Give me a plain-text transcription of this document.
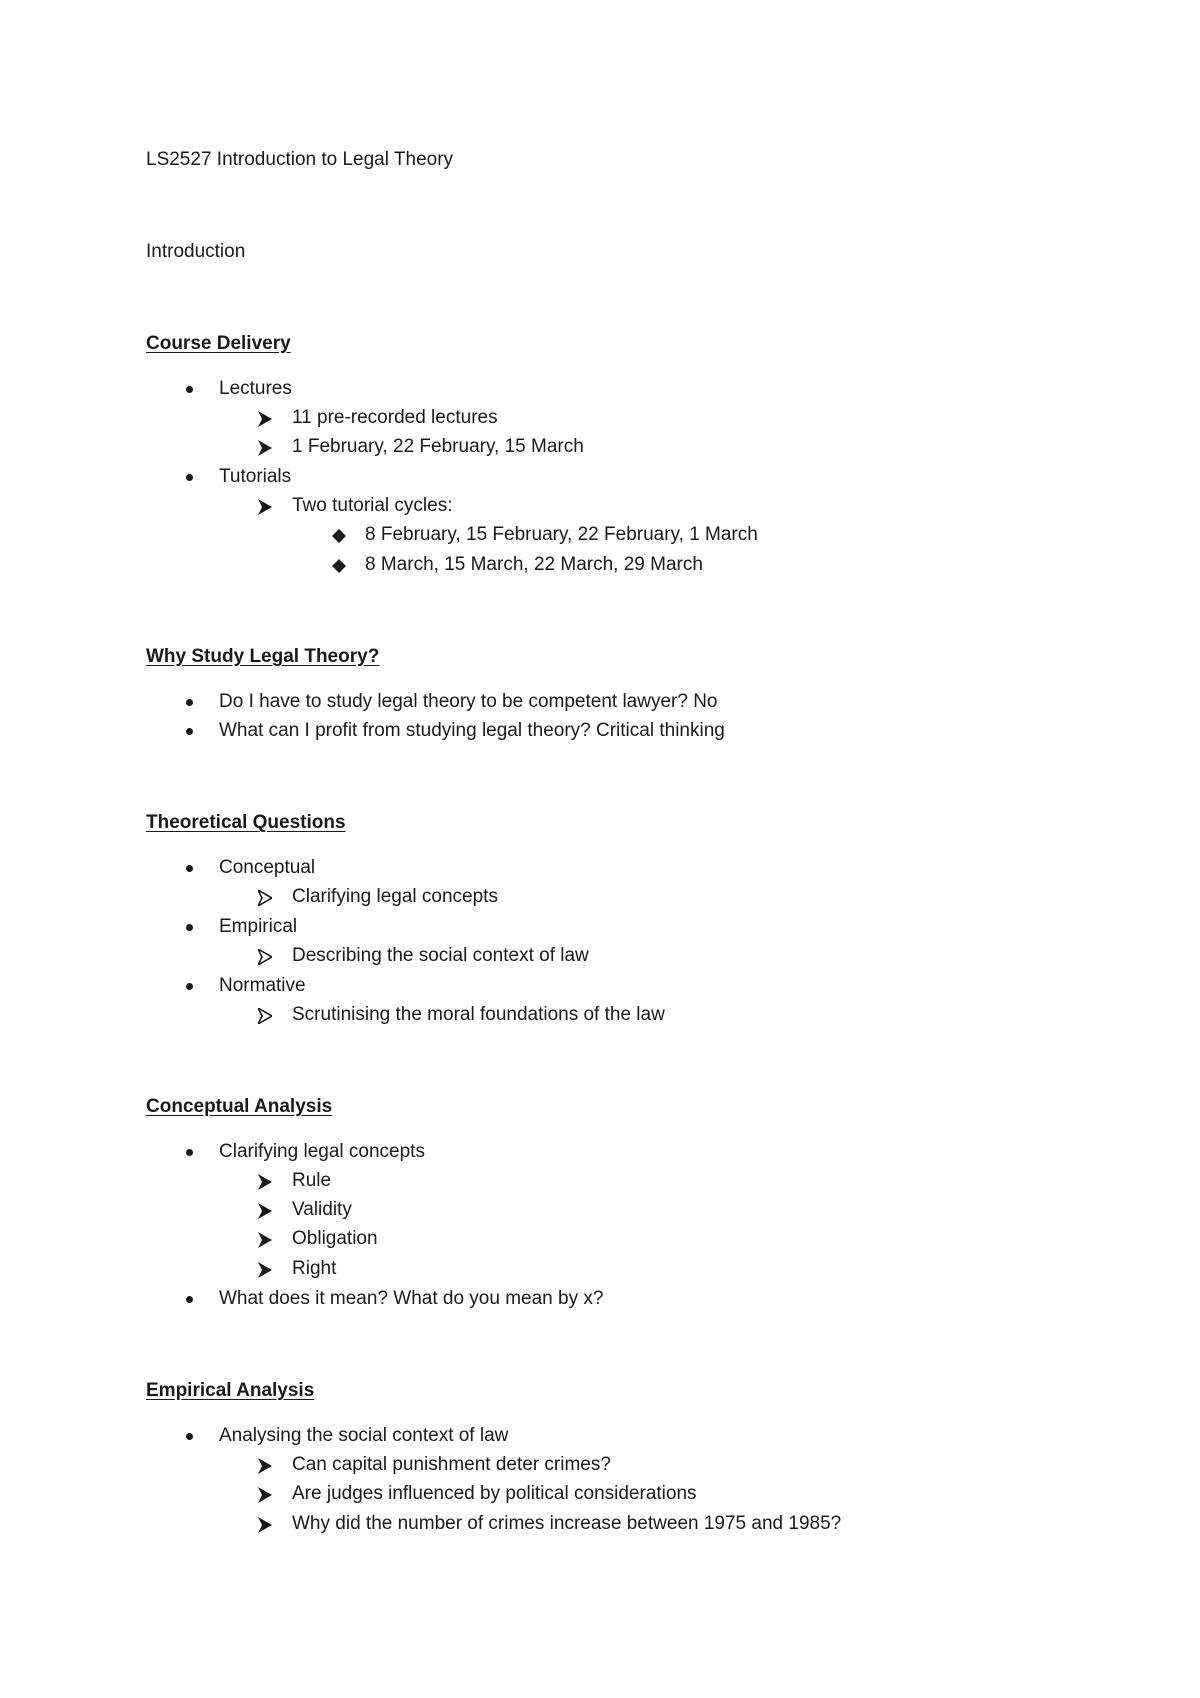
LS2527 Introduction to Legal Theory
Introduction
Course Delivery
Lectures
11 pre-recorded lectures
1 February, 22 February, 15 March
Tutorials
Two tutorial cycles:
8 February, 15 February, 22 February, 1 March
8 March, 15 March, 22 March, 29 March
Why Study Legal Theory?
Do I have to study legal theory to be competent lawyer? No
What can I profit from studying legal theory? Critical thinking
Theoretical Questions
Conceptual
Clarifying legal concepts
Empirical
Describing the social context of law
Normative
Scrutinising the moral foundations of the law
Conceptual Analysis
Clarifying legal concepts
Rule
Validity
Obligation
Right
What does it mean? What do you mean by x?
Empirical Analysis
Analysing the social context of law
Can capital punishment deter crimes?
Are judges influenced by political considerations
Why did the number of crimes increase between 1975 and 1985?
